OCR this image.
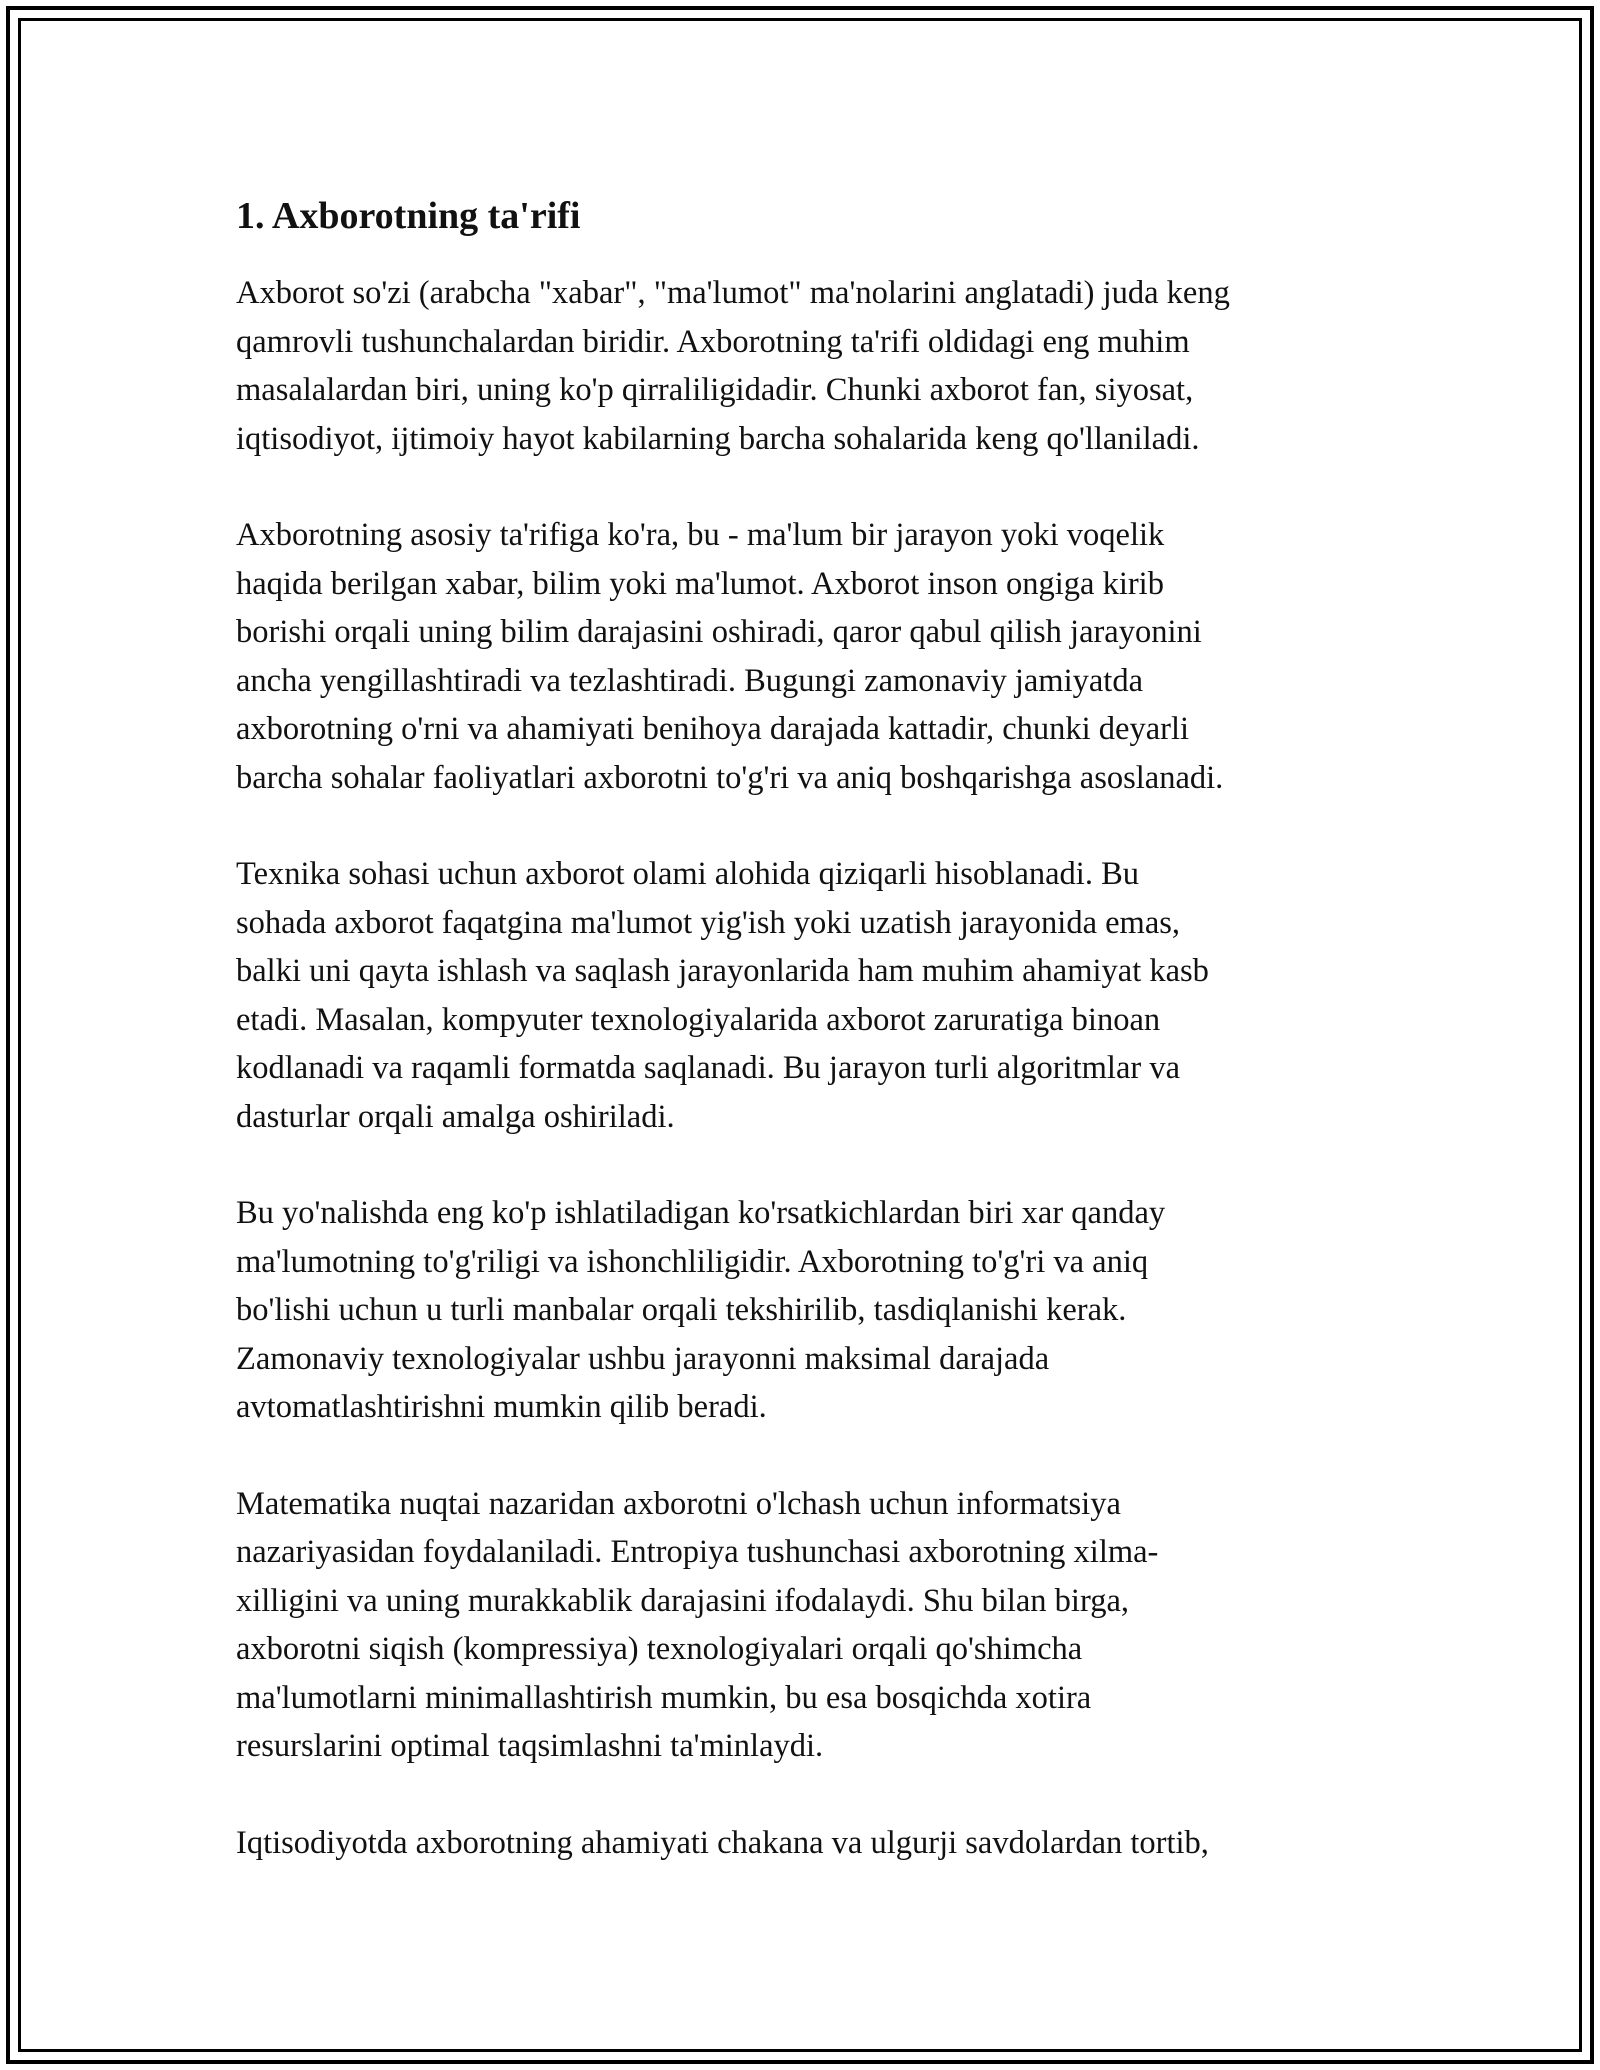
1. Axborotning ta'rifi
Axborot so'zi (arabcha "xabar", "ma'lumot" ma'nolarini anglatadi) juda keng
qamrovli tushunchalardan biridir. Axborotning ta'rifi oldidagi eng muhim
masalalardan biri, uning ko'p qirraliligidadir. Chunki axborot fan, siyosat,
iqtisodiyot, ijtimoiy hayot kabilarning barcha sohalarida keng qo'llaniladi.
Axborotning asosiy ta'rifiga ko'ra, bu - ma'lum bir jarayon yoki voqelik
haqida berilgan xabar, bilim yoki ma'lumot. Axborot inson ongiga kirib
borishi orqali uning bilim darajasini oshiradi, qaror qabul qilish jarayonini
ancha yengillashtiradi va tezlashtiradi. Bugungi zamonaviy jamiyatda
axborotning o'rni va ahamiyati benihoya darajada kattadir, chunki deyarli
barcha sohalar faoliyatlari axborotni to'g'ri va aniq boshqarishga asoslanadi.
Texnika sohasi uchun axborot olami alohida qiziqarli hisoblanadi. Bu
sohada axborot faqatgina ma'lumot yig'ish yoki uzatish jarayonida emas,
balki uni qayta ishlash va saqlash jarayonlarida ham muhim ahamiyat kasb
etadi. Masalan, kompyuter texnologiyalarida axborot zaruratiga binoan
kodlanadi va raqamli formatda saqlanadi. Bu jarayon turli algoritmlar va
dasturlar orqali amalga oshiriladi.
Bu yo'nalishda eng ko'p ishlatiladigan ko'rsatkichlardan biri xar qanday
ma'lumotning to'g'riligi va ishonchliligidir. Axborotning to'g'ri va aniq
bo'lishi uchun u turli manbalar orqali tekshirilib, tasdiqlanishi kerak.
Zamonaviy texnologiyalar ushbu jarayonni maksimal darajada
avtomatlashtirishni mumkin qilib beradi.
Matematika nuqtai nazaridan axborotni o'lchash uchun informatsiya
nazariyasidan foydalaniladi. Entropiya tushunchasi axborotning xilma-
xilligini va uning murakkablik darajasini ifodalaydi. Shu bilan birga,
axborotni siqish (kompressiya) texnologiyalari orqali qo'shimcha
ma'lumotlarni minimallashtirish mumkin, bu esa bosqichda xotira
resurslarini optimal taqsimlashni ta'minlaydi.
Iqtisodiyotda axborotning ahamiyati chakana va ulgurji savdolardan tortib,
